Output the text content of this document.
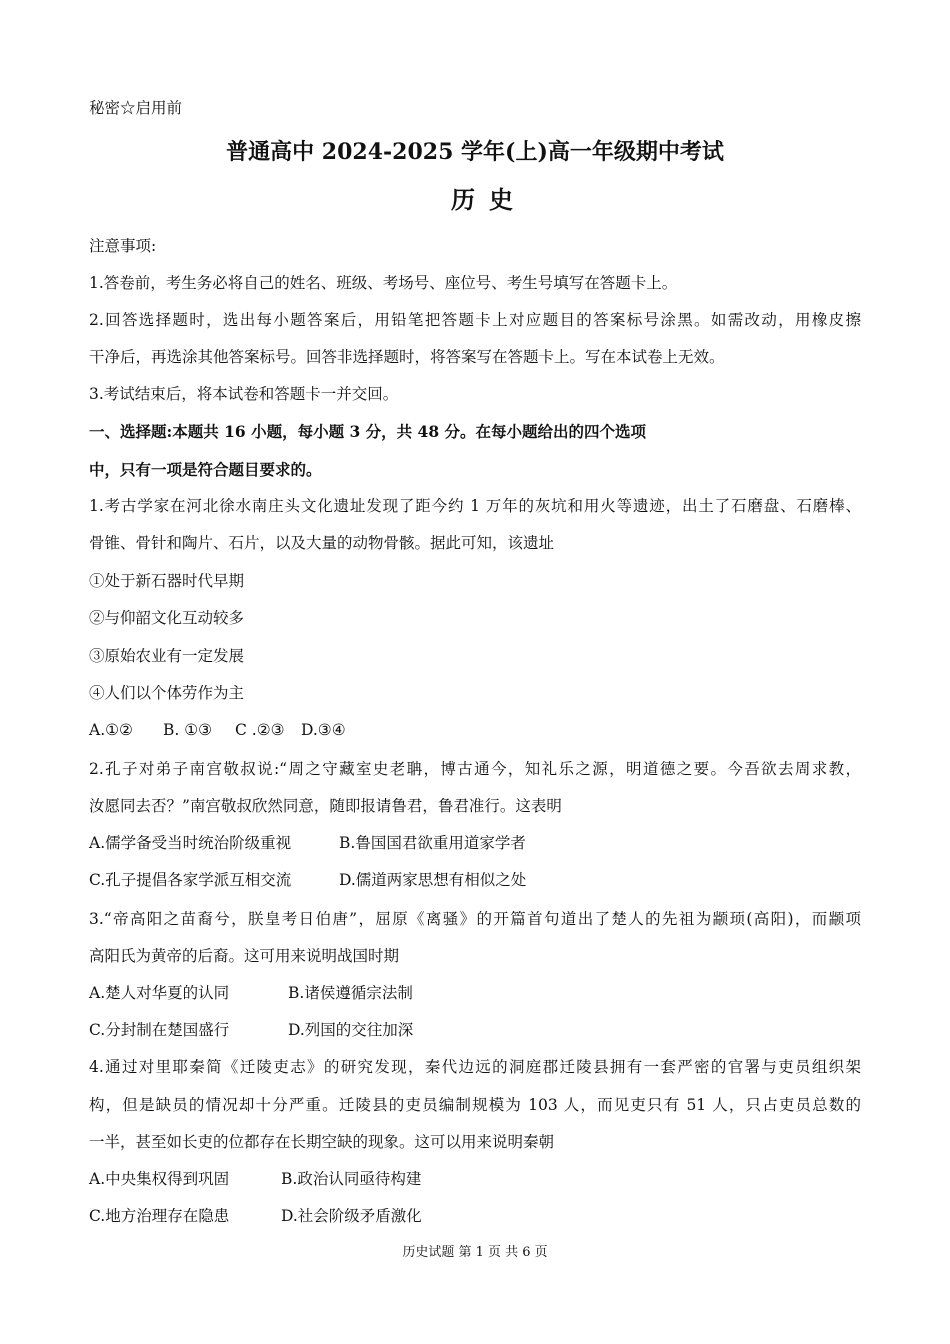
秘密☆启用前
普通高中 2024-2025 学年(上)高一年级期中考试
历史
注意事项:
1.答卷前，考生务必将自己的姓名、班级、考场号、座位号、考生号填写在答题卡上。
2.回答选择题时，选出每小题答案后，用铅笔把答题卡上对应题目的答案标号涂黑。如需改动，用橡皮擦
干净后，再选涂其他答案标号。回答非选择题时，将答案写在答题卡上。写在本试卷上无效。
3.考试结束后，将本试卷和答题卡一并交回。
一、选择题:本题共 16 小题，每小题 3 分，共 48 分。在每小题给出的四个选项
中，只有一项是符合题目要求的。
1.考古学家在河北徐水南庄头文化遗址发现了距今约 1 万年的灰坑和用火等遗迹，出土了石磨盘、石磨棒、
骨锥、骨针和陶片、石片，以及大量的动物骨骸。据此可知，该遗址
①处于新石器时代早期
②与仰韶文化互动较多
③原始农业有一定发展
④人们以个体劳作为主
A.①② B. ①③ C .②③ D.③④
2.孔子对弟子南宫敬叔说:“周之守藏室史老聃，博古通今，知礼乐之源，明道德之要。今吾欲去周求教，
汝愿同去否？”南宫敬叔欣然同意，随即报请鲁君，鲁君准行。这表明
A.儒学备受当时统治阶级重视	B.鲁国国君欲重用道家学者
C.孔子提倡各家学派互相交流	D.儒道两家思想有相似之处
3.“帝高阳之苗裔兮，朕皇考日伯唐”，屈原《离骚》的开篇首句道出了楚人的先祖为颛顼(高阳)，而颛项
高阳氏为黄帝的后裔。这可用来说明战国时期
A.楚人对华夏的认同	B.诸侯遵循宗法制
C.分封制在楚国盛行	D.列国的交往加深
4.通过对里耶秦简《迁陵吏志》的研究发现，秦代边远的洞庭郡迁陵县拥有一套严密的官署与吏员组织架
构，但是缺员的情况却十分严重。迁陵县的吏员编制规模为 103 人，而见吏只有 51 人，只占吏员总数的
一半，甚至如长吏的位都存在长期空缺的现象。这可以用来说明秦朝
A.中央集权得到巩固	B.政治认同亟待构建
C.地方治理存在隐患	D.社会阶级矛盾激化
历史试题 第 1 页 共 6 页
